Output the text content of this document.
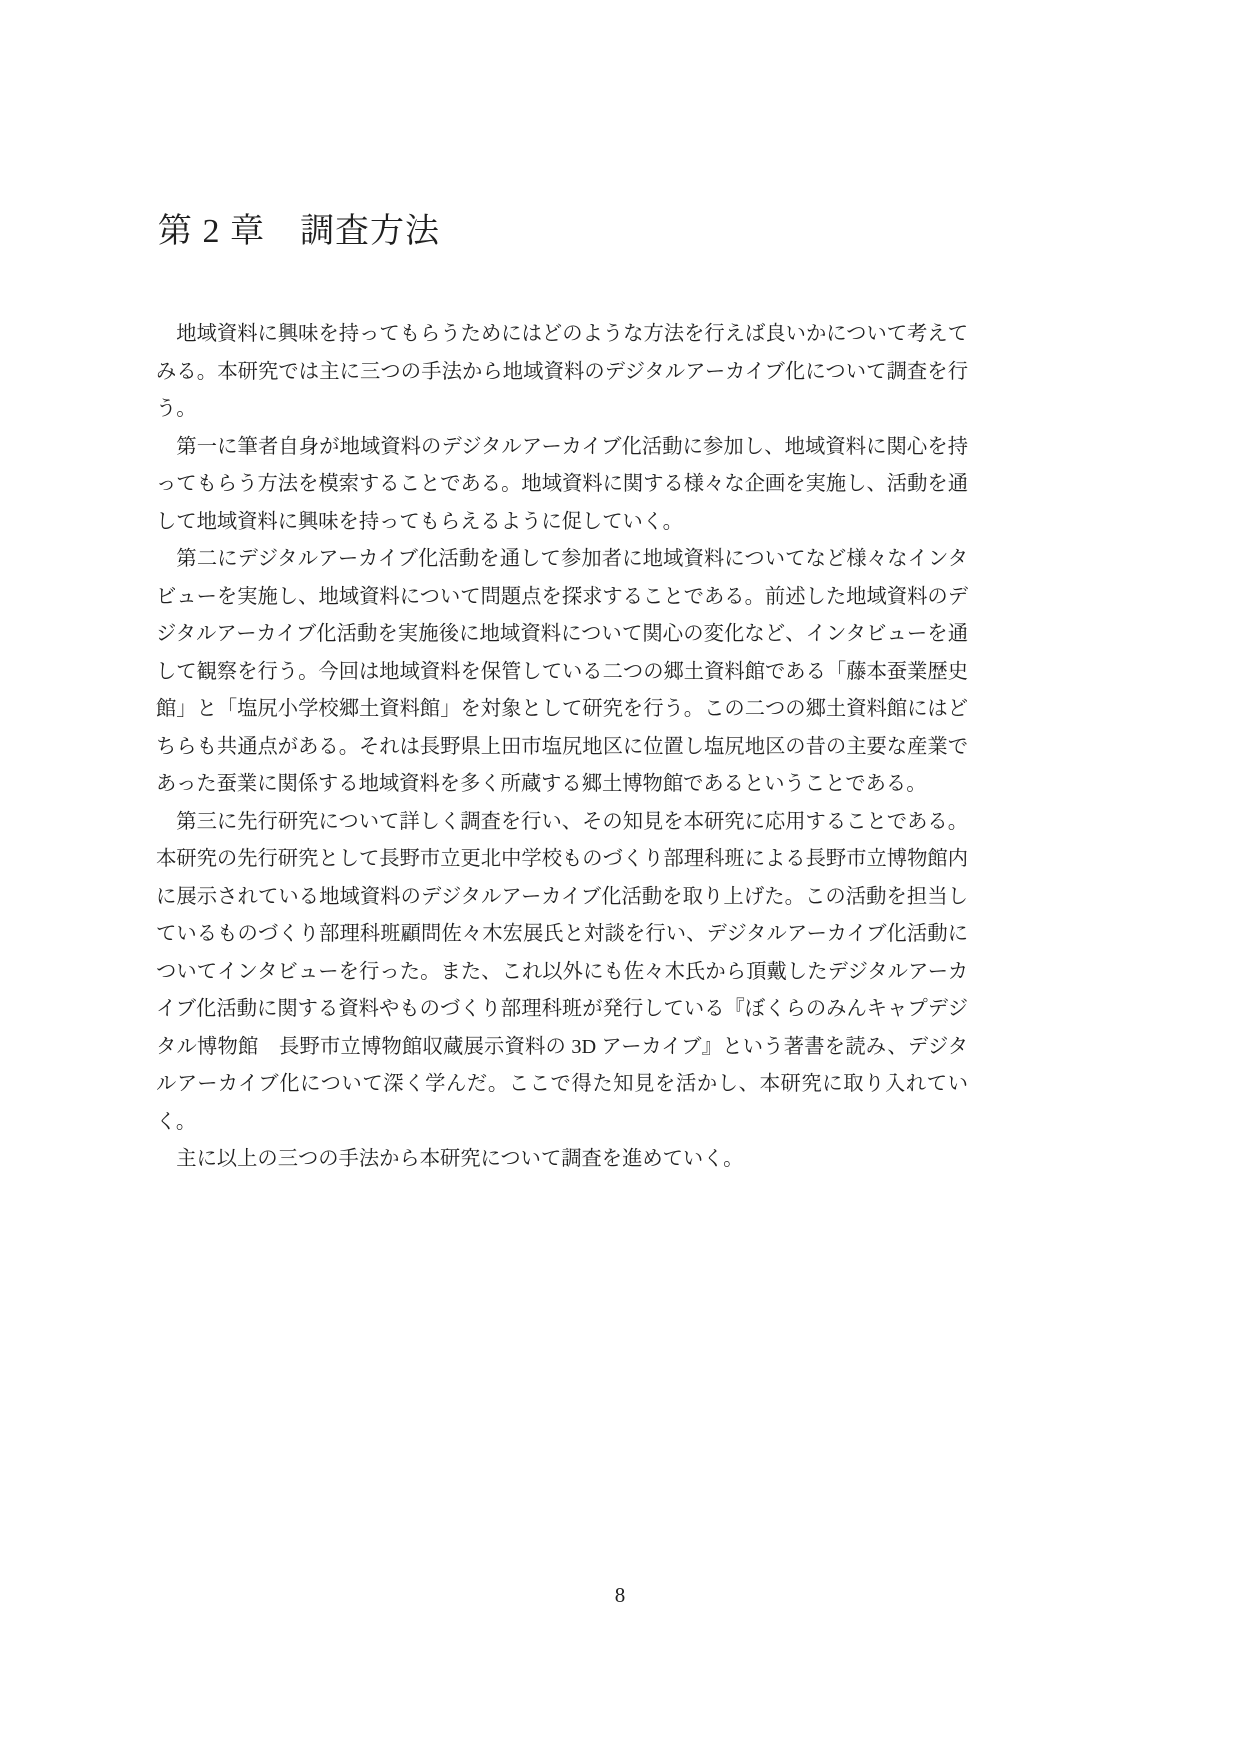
第 2 章　調査方法
　地域資料に興味を持ってもらうためにはどのような方法を行えば良いかについて考えて
みる。本研究では主に三つの手法から地域資料のデジタルアーカイブ化について調査を行
う。
　第一に筆者自身が地域資料のデジタルアーカイブ化活動に参加し、地域資料に関心を持
ってもらう方法を模索することである。地域資料に関する様々な企画を実施し、活動を通
して地域資料に興味を持ってもらえるように促していく。
　第二にデジタルアーカイブ化活動を通して参加者に地域資料についてなど様々なインタ
ビューを実施し、地域資料について問題点を探求することである。前述した地域資料のデ
ジタルアーカイブ化活動を実施後に地域資料について関心の変化など、インタビューを通
して観察を行う。今回は地域資料を保管している二つの郷土資料館である「藤本蚕業歴史
館」と「塩尻小学校郷土資料館」を対象として研究を行う。この二つの郷土資料館にはど
ちらも共通点がある。それは長野県上田市塩尻地区に位置し塩尻地区の昔の主要な産業で
あった蚕業に関係する地域資料を多く所蔵する郷土博物館であるということである。
　第三に先行研究について詳しく調査を行い、その知見を本研究に応用することである。
本研究の先行研究として長野市立更北中学校ものづくり部理科班による長野市立博物館内
に展示されている地域資料のデジタルアーカイブ化活動を取り上げた。この活動を担当し
ているものづくり部理科班顧問佐々木宏展氏と対談を行い、デジタルアーカイブ化活動に
ついてインタビューを行った。また、これ以外にも佐々木氏から頂戴したデジタルアーカ
イブ化活動に関する資料やものづくり部理科班が発行している『ぼくらのみんキャプデジ
タル博物館　長野市立博物館収蔵展示資料の 3D アーカイブ』という著書を読み、デジタ
ルアーカイブ化について深く学んだ。ここで得た知見を活かし、本研究に取り入れてい
く。
　主に以上の三つの手法から本研究について調査を進めていく。
8
